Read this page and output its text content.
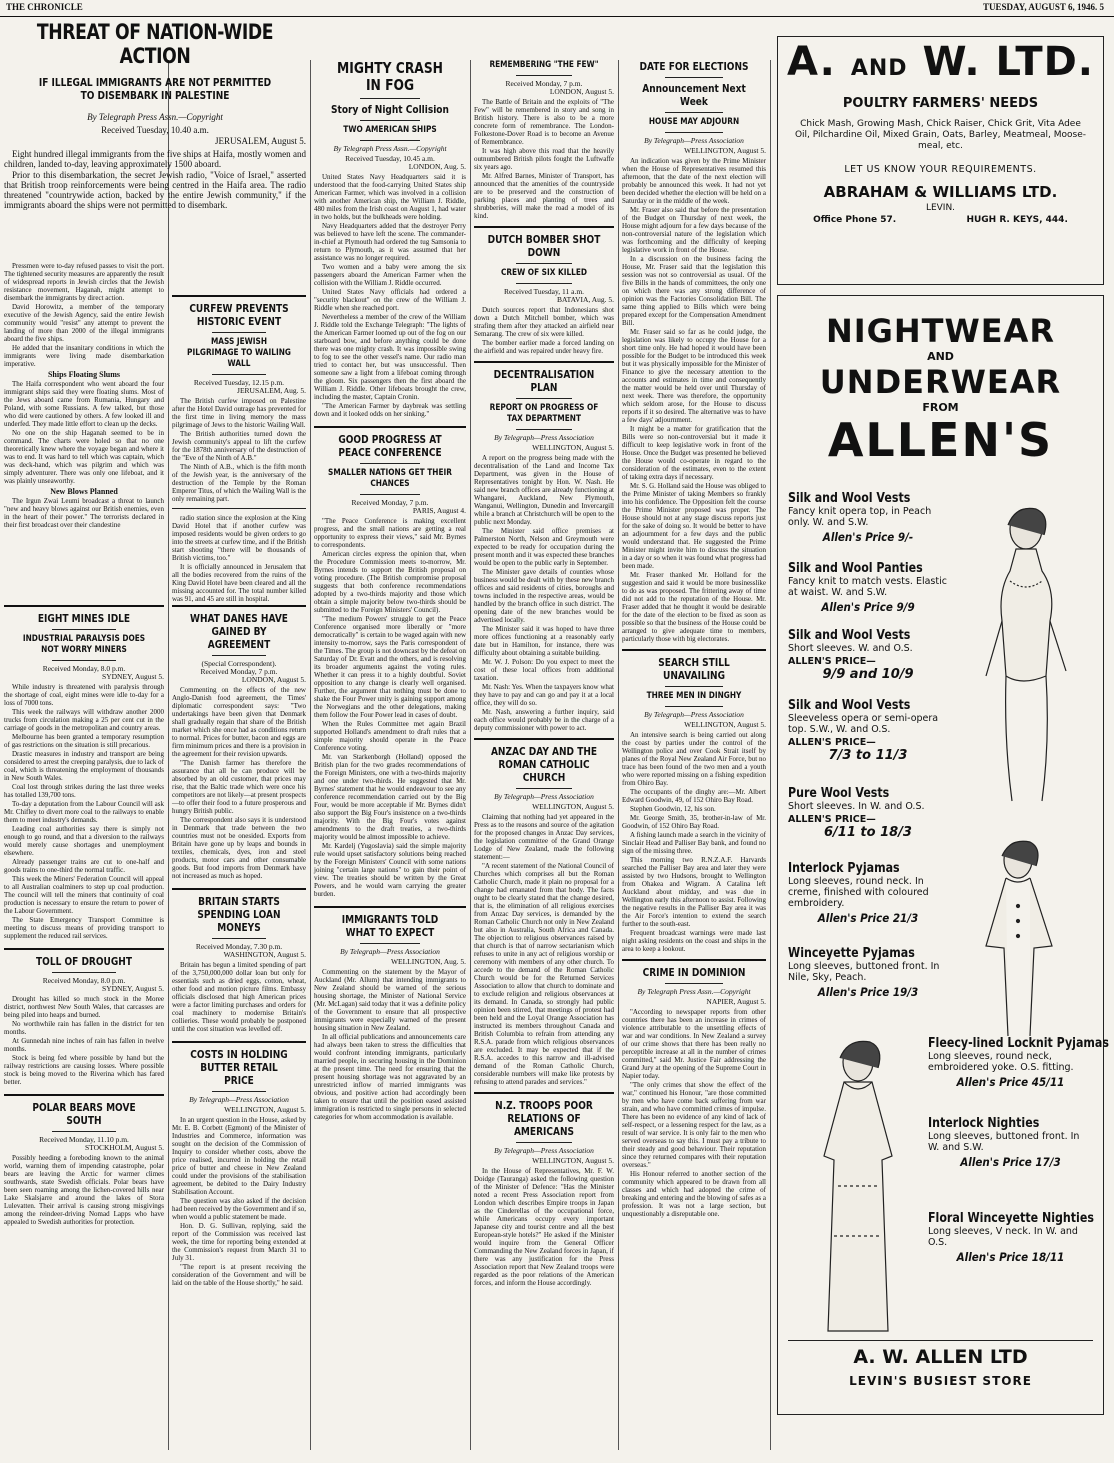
THE CHRONICLE	TUESDAY, AUGUST 6, 1946. 5
THREAT OF NATION-WIDE ACTION
IF ILLEGAL IMMIGRANTS ARE NOT PERMITTED TO DISEMBARK IN PALESTINE
By Telegraph Press Assn.—Copyright
Received Tuesday, 10.40 a.m.
JERUSALEM, August 5.

Eight hundred illegal immigrants from the five ships at Haifa, mostly women and children, landed to-day, leaving approximately 1500 aboard.

Prior to this disembarkation, the secret Jewish radio, "Voice of Israel," asserted that British troop reinforcements were being centred in the Haifa area. The radio threatened "countrywide action, backed by the entire Jewish community," if the immigrants aboard the ships were not permitted to disembark.

Pressmen were to-day refused passes to visit the port. The tightened security measures are apparently the result of widespread reports in Jewish circles that the Jewish resistance movement, Haganah, might attempt to disembark the immigrants by direct action.

David Horowitz, a member of the temporary executive of the Jewish Agency, said the entire Jewish community would "resist" any attempt to prevent the landing of more than 2000 of the illegal immigrants aboard the five ships.

He added that the insanitary conditions in which the immigrants were living made disembarkation imperative.

Ships Floating Slums

The Haifa correspondent who went aboard the four immigrant ships said they were floating slums. Most of the Jews aboard came from Rumania, Hungary and Poland, with some Russians. A few talked, but those who did were cautioned by others. A few looked ill and underfed. They made little effort to clean up the decks.

No one on the ship Haganah seemed to be in command. The charts were holed so that no one theoretically knew where the voyage began and where it was to end. It was hard to tell which was captain, which was deck-hand, which was pilgrim and which was simply adventurer. There was only one lifeboat, and it was plainly unseaworthy.

New Blows Planned

The Irgun Zwai Leumi broadcast a threat to launch "new and heavy blows against our British enemies, even in the heart of their power." The terrorists declared in their first broadcast over their clandestine

CURFEW PREVENTS HISTORIC EVENT
MASS JEWISH PILGRIMAGE TO WAILING WALL
Received Tuesday, 12.15 p.m.
JERUSALEM, Aug. 5.

The British curfew imposed on Palestine after the Hotel David outrage has prevented for the first time in living memory the mass pilgrimage of Jews to the historic Wailing Wall.

The British authorities turned down the Jewish community's appeal to lift the curfew for the 1878th anniversary of the destruction of the "Eve of the Ninth of A.B."

The Ninth of A.B., which is the fifth month of the Jewish year, is the anniversary of the destruction of the Temple by the Roman Emperor Titus, of which the Wailing Wall is the only remaining part.

radio station since the explosion at the King David Hotel that if another curfew was imposed residents would be given orders to go into the streets at curfew time, and if the British start shooting "there will be thousands of British victims, too."

It is officially announced in Jerusalem that all the bodies recovered from the ruins of the King David Hotel have been cleared and all the missing accounted for. The total number killed was 91, and 45 are still in hospital.

EIGHT MINES IDLE
INDUSTRIAL PARALYSIS DOES NOT WORRY MINERS
Received Monday, 8.0 p.m.
SYDNEY, August 5.

While industry is threatened with paralysis through the shortage of coal, eight mines were idle to-day for a loss of 7000 tons.

This week the railways will withdraw another 2000 trucks from circulation making a 25 per cent cut in the carriage of goods in the metropolitan and country areas.

Melbourne has been granted a temporary resumption of gas restrictions on the situation is still precarious.

Drastic measures in industry and transport are being considered to arrest the creeping paralysis, due to lack of coal, which is threatening the employment of thousands in New South Wales.

Coal lost through strikes during the last three weeks has totalled 139,700 tons.

To-day a deputation from the Labour Council will ask Mr. Chifley to divert more coal to the railways to enable them to meet industry's demands.

Leading coal authorities say there is simply not enough to go round, and that a diversion to the railways would merely cause shortages and unemployment elsewhere.

Already passenger trains are cut to one-half and goods trains to one-third the normal traffic.

This week the Miners' Federation Council will appeal to all Australian coalminers to step up coal production. The council will tell the miners that continuity of coal production is necessary to ensure the return to power of the Labour Government.

The State Emergency Transport Committee is meeting to discuss means of providing transport to supplement the reduced rail services.

TOLL OF DROUGHT
Received Monday, 8.0 p.m.
SYDNEY, August 5.

Drought has killed so much stock in the Moree district, northwest New South Wales, that carcasses are being piled into heaps and burned.

No worthwhile rain has fallen in the district for ten months.

At Gunnedah nine inches of rain has fallen in twelve months.

Stock is being fed where possible by hand but the railway restrictions are causing losses. Where possible stock is being moved to the Riverina which has fared better.

POLAR BEARS MOVE SOUTH
Received Monday, 11.10 p.m.
STOCKHOLM, August 5.

Possibly heeding a foreboding known to the animal world, warning them of impending catastrophe, polar bears are leaving the Arctic for warmer climes southwards, state Swedish officials. Polar bears have been seen roaming among the lichen-covered hills near Lake Skalsjarre and around the lakes of Stora Lulevatten. Their arrival is causing strong misgivings among the reindeer-driving Nomad Lapps who have appealed to Swedish authorities for protection.

WHAT DANES HAVE GAINED BY AGREEMENT
(Special Correspondent).
Received Monday, 7 p.m.
LONDON, August 5.

Commenting on the effects of the new Anglo-Danish food agreement, the Times' diplomatic correspondent says: "Two undertakings have been given that Denmark shall gradually regain that share of the British market which she once had as conditions return to normal. Prices for butter, bacon and eggs are firm minimum prices and there is a provision in the agreement for their revision upwards.

"The Danish farmer has therefore the assurance that all he can produce will be absorbed by an old customer, that prices may rise, that the Baltic trade which were once his competitors are not likely—at present prospects—to offer their food to a future prosperous and hungry British public.

The correspondent also says it is understood in Denmark that trade between the two countries must not be onesided. Exports from Britain have gone up by leaps and bounds in textiles, chemicals, dyes, iron and steel products, motor cars and other consumable goods. But food imports from Denmark have not increased as much as hoped.

BRITAIN STARTS SPENDING LOAN MONEYS
Received Monday, 7.30 p.m.
WASHINGTON, August 5.

Britain has begun a limited spending of part of the 3,750,000,000 dollar loan but only for essentials such as dried eggs, cotton, wheat, other food and motion picture films. Embassy officials disclosed that high American prices were a factor limiting purchases and orders for coal machinery to modernise Britain's collieries. These would probably be postponed until the cost situation was levelled off.

COSTS IN HOLDING BUTTER RETAIL PRICE
By Telegraph—Press Association
WELLINGTON, August 5.

In an urgent question in the House, asked by Mr. E. B. Corbett (Egmont) of the Minister of Industries and Commerce, information was sought on the decision of the Commission of Inquiry to consider whether costs, above the price realised, incurred in holding the retail price of butter and cheese in New Zealand could under the provisions of the stabilisation agreement, be debited to the Dairy Industry Stabilisation Account.

The question was also asked if the decision had been received by the Government and if so, when would a public statement be made.

Hon. D. G. Sullivan, replying, said the report of the Commission was received last week, the time for reporting being extended at the Commission's request from March 31 to July 31.

"The report is at present receiving the consideration of the Government and will be laid on the table of the House shortly," he said.

MIGHTY CRASH IN FOG
Story of Night Collision
TWO AMERICAN SHIPS
By Telegraph Press Assn.—Copyright
Received Tuesday, 10.45 a.m.
LONDON, Aug. 5.

United States Navy Headquarters said it is understood that the food-carrying United States ship American Farmer, which was involved in a collision with another American ship, the William J. Riddle, 480 miles from the Irish coast on August 1, had water in two holds, but the bulkheads were holding.

Navy Headquarters added that the destroyer Perry was believed to have left the scene. The commander-in-chief at Plymouth had ordered the tug Samsonia to return to Plymouth, as it was assumed that her assistance was no longer required.

Two women and a baby were among the six passengers aboard the American Farmer when the collision with the William J. Riddle occurred.

United States Navy officials had ordered a "security blackout" on the crew of the William J. Riddle when she reached port.

Nevertheless a member of the crew of the William J. Riddle told the Exchange Telegraph: "The lights of the American Farmer loomed up out of the fog on our starboard bow, and before anything could be done there was one mighty crash. It was impossible swing to fog to see the other vessel's name. Our radio man tried to contact her, but was unsuccessful. Then someone saw a light from a lifeboat coming through the gloom. Six passengers then the first aboard the William J. Riddle. Other lifeboats brought the crew, including the master, Captain Cronin.

"The American Farmer by daybreak was settling down and it looked odds on her sinking."

GOOD PROGRESS AT PEACE CONFERENCE
SMALLER NATIONS GET THEIR CHANCES
Received Monday, 7 p.m.
PARIS, August 4.

"The Peace Conference is making excellent progress, and the small nations are getting a real opportunity to express their views," said Mr. Byrnes to correspondents.

American circles express the opinion that, when the Procedure Commission meets to-morrow, Mr. Byrnes intends to support the British proposal on voting procedure. (The British compromise proposal suggests that both conference recommendations adopted by a two-thirds majority and those which obtain a simple majority below two-thirds should be submitted to the Foreign Ministers' Council).

"The medium Powers' struggle to get the Peace Conference organised more liberally or "more democratically" is certain to be waged again with new intensity to-morrow, says the Paris correspondent of the Times. The group is not downcast by the defeat on Saturday of Dr. Evatt and the others, and is resolving its broader arguments against the voting rules. Whether it can press it to a highly doubtful. Soviet opposition to any change is clearly well organised. Further, the argument that nothing must be done to shake the Four Power unity is gaining support among the Norwegians and the other delegations, making them follow the Four Power lead in cases of doubt.

When the Rules Committee met again Brazil supported Holland's amendment to draft rules that a simple majority should operate in the Peace Conference voting.

Mr. van Starkenborgh (Holland) opposed the British plan for the two grades recommendations of the Foreign Ministers, one with a two-thirds majority and one under two-thirds. He suggested that Mr. Byrnes' statement that he would endeavour to see any conference recommendation carried out by the Big Four, would be more acceptable if Mr. Byrnes didn't also support the Big Four's insistence on a two-thirds majority. With the Big Four's votes against amendments to the draft treaties, a two-thirds majority would be almost impossible to achieve.

Mr. Kardelj (Yugoslavia) said the simple majority rule would upset satisfactory solutions being reached by the Foreign Ministers' Council with some nations joining "certain large nations" to gain their point of view. The treaties should be written by the Great Powers, and he would warn carrying the greater burden.

IMMIGRANTS TOLD WHAT TO EXPECT
By Telegraph—Press Association
WELLINGTON, Aug. 5.

Commenting on the statement by the Mayor of Auckland (Mr. Allum) that intending immigrants to New Zealand should be warned of the serious housing shortage, the Minister of National Service (Mr. McLagan) said today that it was a definite policy of the Government to ensure that all prospective immigrants were especially warned of the present housing situation in New Zealand.

In all official publications and announcements care had always been taken to stress the difficulties that would confront intending immigrants, particularly married people, in securing housing in the Dominion at the present time. The need for ensuring that the present housing shortage was not aggravated by an unrestricted inflow of married immigrants was obvious, and positive action had accordingly been taken to ensure that until the position eased assisted immigration is restricted to single persons in selected categories for whom accommodation is available.

REMEMBERING "THE FEW"
Received Monday, 7 p.m.
LONDON, August 5.

The Battle of Britain and the exploits of "The Few" will be remembered in story and song in British history. There is also to be a more concrete form of remembrance. The London-Folkestone-Dover Road is to become an Avenue of Remembrance.

It was high above this road that the heavily outnumbered British pilots fought the Luftwaffe six years ago.

Mr. Alfred Barnes, Minister of Transport, has announced that the amenities of the countryside are to be preserved and the construction of parking places and planting of trees and shrubberies, will make the road a model of its kind.

DUTCH BOMBER SHOT DOWN
CREW OF SIX KILLED
Received Tuesday, 11 a.m.
BATAVIA, Aug. 5.

Dutch sources report that Indonesians shot down a Dutch Mitchell bomber, which was strafing them after they attacked an airfield near Semarang. The crew of six were killed.

The bomber earlier made a forced landing on the airfield and was repaired under heavy fire.

DECENTRALISATION PLAN
REPORT ON PROGRESS OF TAX DEPARTMENT
By Telegraph—Press Association
WELLINGTON, August 5.

A report on the progress being made with the decentralisation of the Land and Income Tax Department, was given in the House of Representatives tonight by Hon. W. Nash. He said new branch offices are already functioning at Whangarei, Auckland, New Plymouth, Wanganui, Wellington, Dunedin and Invercargill while a branch at Christchurch will be open to the public next Monday.

The Minister said office premises at Palmerston North, Nelson and Greymouth were expected to be ready for occupation during the present month and it was expected these branches would be open to the public early in September.

The Minister gave details of counties whose business would be dealt with by these new branch offices and said residents of cities, boroughs and towns included in the respective areas, would be handled by the branch office in such district. The opening date of the new branches would be advertised locally.

The Minister said it was hoped to have three more offices functioning at a reasonably early date but in Hamilton, for instance, there was difficulty about obtaining a suitable building.

Mr. W. J. Polson: Do you expect to meet the cost of these local offices from additional taxation.

Mr. Nash: Yes. When the taxpayers know what they have to pay and can go and pay it at a local office, they will do so.

Mr. Nash, answering a further inquiry, said each office would probably be in the charge of a deputy commissioner with power to act.

ANZAC DAY AND THE ROMAN CATHOLIC CHURCH
By Telegraph—Press Association
WELLINGTON, August 5.

Claiming that nothing had yet appeared in the Press as to the reasons and source of the agitation for the proposed changes in Anzac Day services, the legislation committee of the Grand Orange Lodge of New Zealand, made the following statement:—

"A recent statement of the National Council of Churches which comprises all but the Roman Catholic Church, made it plain no proposal for a change had emanated from that body. The facts ought to be clearly stated that the change desired, that is, the elimination of all religious exercises from Anzac Day services, is demanded by the Roman Catholic Church not only in New Zealand but also in Australia, South Africa and Canada. The objection to religious observances raised by that church is that of narrow sectarianism which refuses to unite in any act of religious worship or ceremony with members of any other church. To accede to the demand of the Roman Catholic Church would be for the Returned Services Association to allow that church to dominate and to exclude religion and religious observances at its demand. In Canada, so strongly had public opinion been stirred, that meetings of protest had been held and the Loyal Orange Association has instructed its members throughout Canada and British Columbia to refrain from attending any R.S.A. parade from which religious observances are excluded. It may be expected that if the R.S.A. accedes to this narrow and ill-advised demand of the Roman Catholic Church, considerable numbers will make like protests by refusing to attend parades and services."

N.Z. TROOPS POOR RELATIONS OF AMERICANS
By Telegraph—Press Association
WELLINGTON, August 5.

In the House of Representatives, Mr. F. W. Doidge (Tauranga) asked the following question of the Minister of Defence: "Has the Minister noted a recent Press Association report from London which describes Empire troops in Japan as the Cinderellas of the occupational force, while Americans occupy every important Japanese city and tourist centre and all the best European-style hotels?" He asked if the Minister would inquire from the General Officer Commanding the New Zealand forces in Japan, if there was any justification for the Press Association report that New Zealand troops were regarded as the poor relations of the American forces, and inform the House accordingly.

DATE FOR ELECTIONS
Announcement Next Week
HOUSE MAY ADJOURN
By Telegraph—Press Association
WELLINGTON, August 5.

An indication was given by the Prime Minister when the House of Representatives resumed this afternoon, that the date of the next election will probably be announced this week. It had not yet been decided whether the election will be held on a Saturday or in the middle of the week.

Mr. Fraser also said that before the presentation of the Budget on Thursday of next week, the House might adjourn for a few days because of the non-controversial nature of the legislation which was forthcoming and the difficulty of keeping legislative work in front of the House.

In a discussion on the business facing the House, Mr. Fraser said that the legislation this session was not so controversial as usual. Of the five Bills in the hands of committees, the only one on which there was any strong difference of opinion was the Factories Consolidation Bill. The same thing applied to Bills which were being prepared except for the Compensation Amendment Bill.

Mr. Fraser said so far as he could judge, the legislation was likely to occupy the House for a short time only. He had hoped it would have been possible for the Budget to be introduced this week but it was physically impossible for the Minister of Finance to give the necessary attention to the accounts and estimates in time and consequently the matter would be held over until Thursday of next week. There was therefore, the opportunity which seldom arose, for the House to discuss reports if it so desired. The alternative was to have a few days' adjournment.

It might be a matter for gratification that the Bills were so non-controversial but it made it difficult to keep legislative work in front of the House. Once the Budget was presented he believed the House would co-operate in regard to the consideration of the estimates, even to the extent of taking extra days if necessary.

Mr. S. G. Holland said the House was obliged to the Prime Minister of taking Members so frankly into his confidence. The Opposition felt the course the Prime Minister proposed was proper. The House should not at any stage discuss reports just for the sake of doing so. It would be better to have an adjournment for a few days and the public would understand that. He suggested the Prime Minister might invite him to discuss the situation in a day or so when it was found what progress had been made.

Mr. Fraser thanked Mr. Holland for the suggestion and said it would be more businesslike to do as was proposed. The frittering away of time did not add to the reputation of the House. Mr. Fraser added that he thought it would be desirable for the date of the election to be fixed as soon as possible so that the business of the House could be arranged to give adequate time to members, particularly those with big electorates.

SEARCH STILL UNAVAILING
THREE MEN IN DINGHY
By Telegraph—Press Association
WELLINGTON, August 5.

An intensive search is being carried out along the coast by parties under the control of the Wellington police and over Cook Strait itself by planes of the Royal New Zealand Air Force, but no trace has been found of the two men and a youth who were reported missing on a fishing expedition from Ohiro Bay.

The occupants of the dinghy are:—Mr. Albert Edward Goodwin, 49, of 152 Ohiro Bay Road.

Stephen Goodwin, 12, his son.

Mr. George Smith, 35, brother-in-law of Mr. Goodwin, of 152 Ohiro Bay Road.

A fishing launch made a search in the vicinity of Sinclair Head and Palliser Bay bank, and found no sign of the missing three.

This morning two R.N.Z.A.F. Harvards searched the Palliser Bay area and later they were assisted by two Hudsons, brought to Wellington from Ohakea and Wigram. A Catalina left Auckland about midday, and was due in Wellington early this afternoon to assist. Following the negative results in the Palliser Bay area it was the Air Force's intention to extend the search further to the south-east.

Frequent broadcast warnings were made last night asking residents on the coast and ships in the area to keep a lookout.

CRIME IN DOMINION
By Telegraph Press Assn.—Copyright
NAPIER, August 5.

"According to newspaper reports from other countries there has been an increase in crimes of violence attributable to the unsettling effects of war and war conditions. In New Zealand a survey of our crime shows that there has been really no perceptible increase at all in the number of crimes committed," said Mr. Justice Fair addressing the Grand Jury at the opening of the Supreme Court in Napier today.

"The only crimes that show the effect of the war," continued his Honour, "are those committed by men who have come back suffering from war strain, and who have committed crimes of impulse. There has been no evidence of any kind of lack of self-respect, or a lessening respect for the law, as a result of war service. It is only fair to the men who served overseas to say this. I must pay a tribute to their steady and good behaviour. Their reputation since they returned compares with their reputation overseas."

His Honour referred to another section of the community which appeared to be drawn from all classes and which had adopted the crime of breaking and entering and the blowing of safes as a profession. It was not a large section, but unquestionably a disreputable one.

A. AND W. LTD.
POULTRY FARMERS' NEEDS
Chick Mash, Growing Mash, Chick Raiser, Chick Grit, Vita Adee Oil, Pilchardine Oil, Mixed Grain, Oats, Barley, Meatmeal, Moose-meal, etc.
LET US KNOW YOUR REQUIREMENTS.
ABRAHAM & WILLIAMS LTD.
LEVIN.
Office Phone 57.	HUGH R. KEYS, 444.
NIGHTWEAR
AND
UNDERWEAR
FROM
ALLEN'S
Silk and Wool Vests
Fancy knit opera top, in Peach only. W. and S.W.
Allen's Price 9/-
Silk and Wool Panties
Fancy knit to match vests. Elastic at waist. W. and S.W.
Allen's Price 9/9
Silk and Wool Vests
Short sleeves. W. and O.S.
ALLEN'S PRICE—
9/9 and 10/9
Silk and Wool Vests
Sleeveless opera or semi-opera top. S.W., W. and O.S.
ALLEN'S PRICE—
7/3 to 11/3
Pure Wool Vests
Short sleeves. In W. and O.S.
ALLEN'S PRICE—
6/11 to 18/3
Interlock Pyjamas
Long sleeves, round neck. In creme, finished with coloured embroidery.
Allen's Price 21/3
Winceyette Pyjamas
Long sleeves, buttoned front. In Nile, Sky, Peach.
Allen's Price 19/3
Fleecy-lined Locknit Pyjamas
Long sleeves, round neck, embroidered yoke. O.S. fitting.
Allen's Price 45/11
Interlock Nighties
Long sleeves, buttoned front. In W. and S.W.
Allen's Price 17/3
Floral Winceyette Nighties
Long sleeves, V neck. In W. and O.S.
Allen's Price 18/11
A. W. ALLEN LTD
LEVIN'S BUSIEST STORE
